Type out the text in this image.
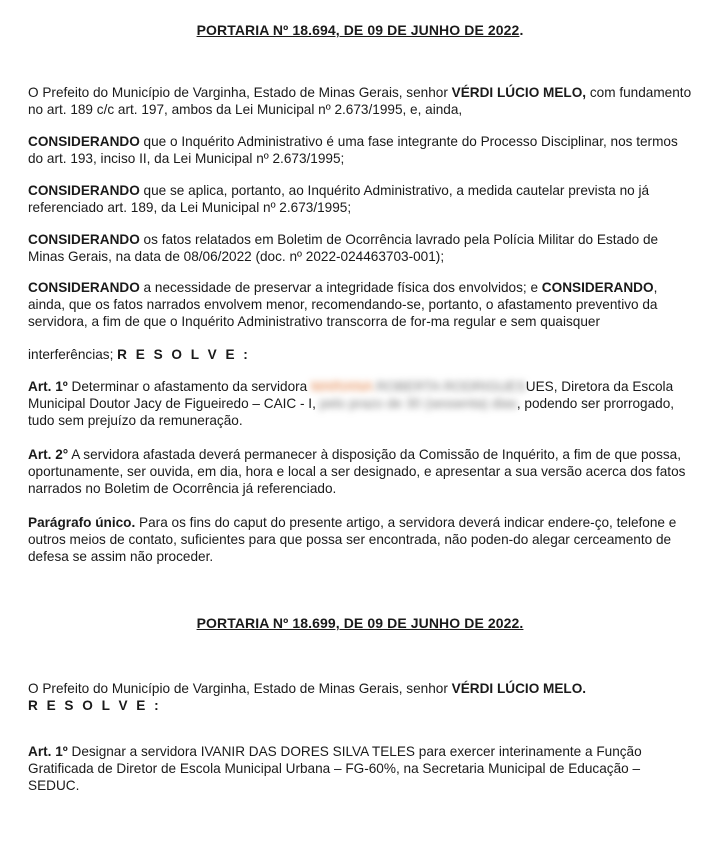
PORTARIA Nº 18.694, DE 09 DE JUNHO DE 2022.

O Prefeito do Município de Varginha, Estado de Minas Gerais, senhor VÉRDI LÚCIO MELO, com fundamento no art. 189 c/c art. 197, ambos da Lei Municipal nº 2.673/1995, e, ainda,

CONSIDERANDO que o Inquérito Administrativo é uma fase integrante do Processo Disciplinar, nos termos do art. 193, inciso II, da Lei Municipal nº 2.673/1995;

CONSIDERANDO que se aplica, portanto, ao Inquérito Administrativo, a medida cautelar prevista no já referenciado art. 189, da Lei Municipal nº 2.673/1995;

CONSIDERANDO os fatos relatados em Boletim de Ocorrência lavrado pela Polícia Militar do Estado de Minas Gerais, na data de 08/06/2022 (doc. nº 2022-024463703-001);

CONSIDERANDO a necessidade de preservar a integridade física dos envolvidos; e CONSIDERANDO, ainda, que os fatos narrados envolvem menor, recomendando-se, portanto, o afastamento preventivo da servidora, a fim de que o Inquérito Administrativo transcorra de for-ma regular e sem quaisquer

interferências; R E S O L V E :

Art. 1º Determinar o afastamento da servidora MARIANA ROBERTA RODRIGUESUES, Diretora da Escola Municipal Doutor Jacy de Figueiredo – CAIC - I, pelo prazo de 30 (sessenta) dias, podendo ser prorrogado, tudo sem prejuízo da remuneração.

Art. 2° A servidora afastada deverá permanecer à disposição da Comissão de Inquérito, a fim de que possa, oportunamente, ser ouvida, em dia, hora e local a ser designado, e apresentar a sua versão acerca dos fatos narrados no Boletim de Ocorrência já referenciado.

Parágrafo único. Para os fins do caput do presente artigo, a servidora deverá indicar endere-ço, telefone e outros meios de contato, suficientes para que possa ser encontrada, não poden-do alegar cerceamento de defesa se assim não proceder.

PORTARIA Nº 18.699, DE 09 DE JUNHO DE 2022.

O Prefeito do Município de Varginha, Estado de Minas Gerais, senhor VÉRDI LÚCIO MELO.
R E S O L V E :

Art. 1º Designar a servidora IVANIR DAS DORES SILVA TELES para exercer interinamente a Função Gratificada de Diretor de Escola Municipal Urbana – FG-60%, na Secretaria Municipal de Educação – SEDUC.
